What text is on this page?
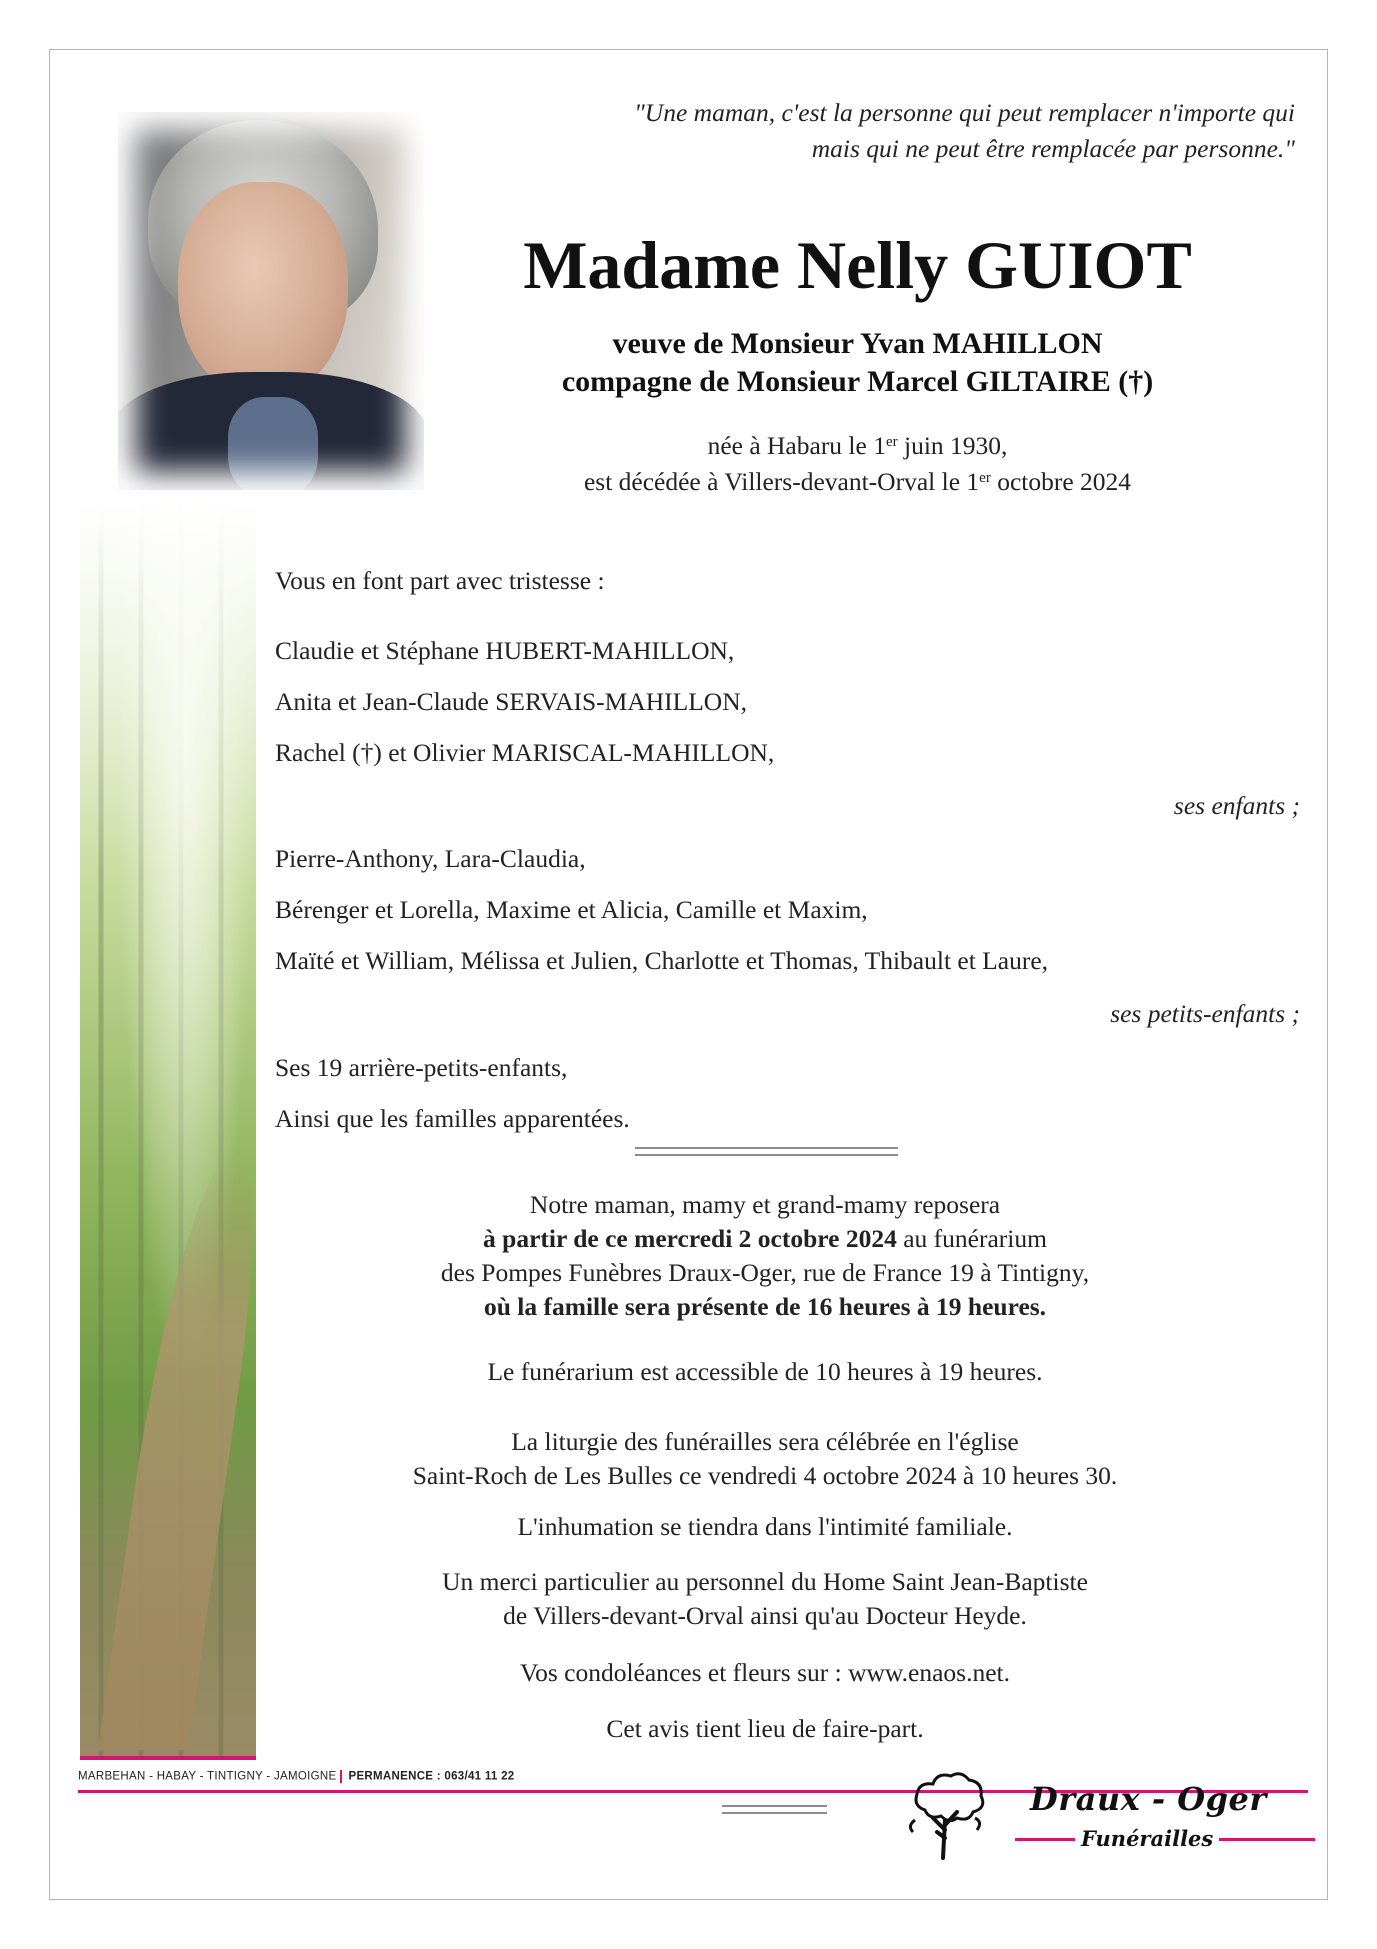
"Une maman, c'est la personne qui peut remplacer n'importe qui
mais qui ne peut être remplacée par personne."
Madame Nelly GUIOT
veuve de Monsieur Yvan MAHILLON
compagne de Monsieur Marcel GILTAIRE (†)
née à Habaru le 1er juin 1930,
est décédée à Villers-devant-Orval le 1er octobre 2024
Vous en font part avec tristesse :
Claudie et Stéphane HUBERT-MAHILLON,
Anita et Jean-Claude SERVAIS-MAHILLON,
Rachel (†) et Olivier MARISCAL-MAHILLON,
ses enfants ;
Pierre-Anthony, Lara-Claudia,
Bérenger et Lorella, Maxime et Alicia, Camille et Maxim,
Maïté et William, Mélissa et Julien, Charlotte et Thomas, Thibault et Laure,
ses petits-enfants ;
Ses 19 arrière-petits-enfants,
Ainsi que les familles apparentées.
Notre maman, mamy et grand-mamy reposera
à partir de ce mercredi 2 octobre 2024 au funérarium
des Pompes Funèbres Draux-Oger, rue de France 19 à Tintigny,
où la famille sera présente de 16 heures à 19 heures.
Le funérarium est accessible de 10 heures à 19 heures.
La liturgie des funérailles sera célébrée en l'église
Saint-Roch de Les Bulles ce vendredi 4 octobre 2024 à 10 heures 30.
L'inhumation se tiendra dans l'intimité familiale.
Un merci particulier au personnel du Home Saint Jean-Baptiste
de Villers-devant-Orval ainsi qu'au Docteur Heyde.
Vos condoléances et fleurs sur : www.enaos.net.
Cet avis tient lieu de faire-part.
MARBEHAN - HABAY - TINTIGNY - JAMOIGNE PERMANENCE : 063/41 11 22
Draux - Oger
Funérailles
